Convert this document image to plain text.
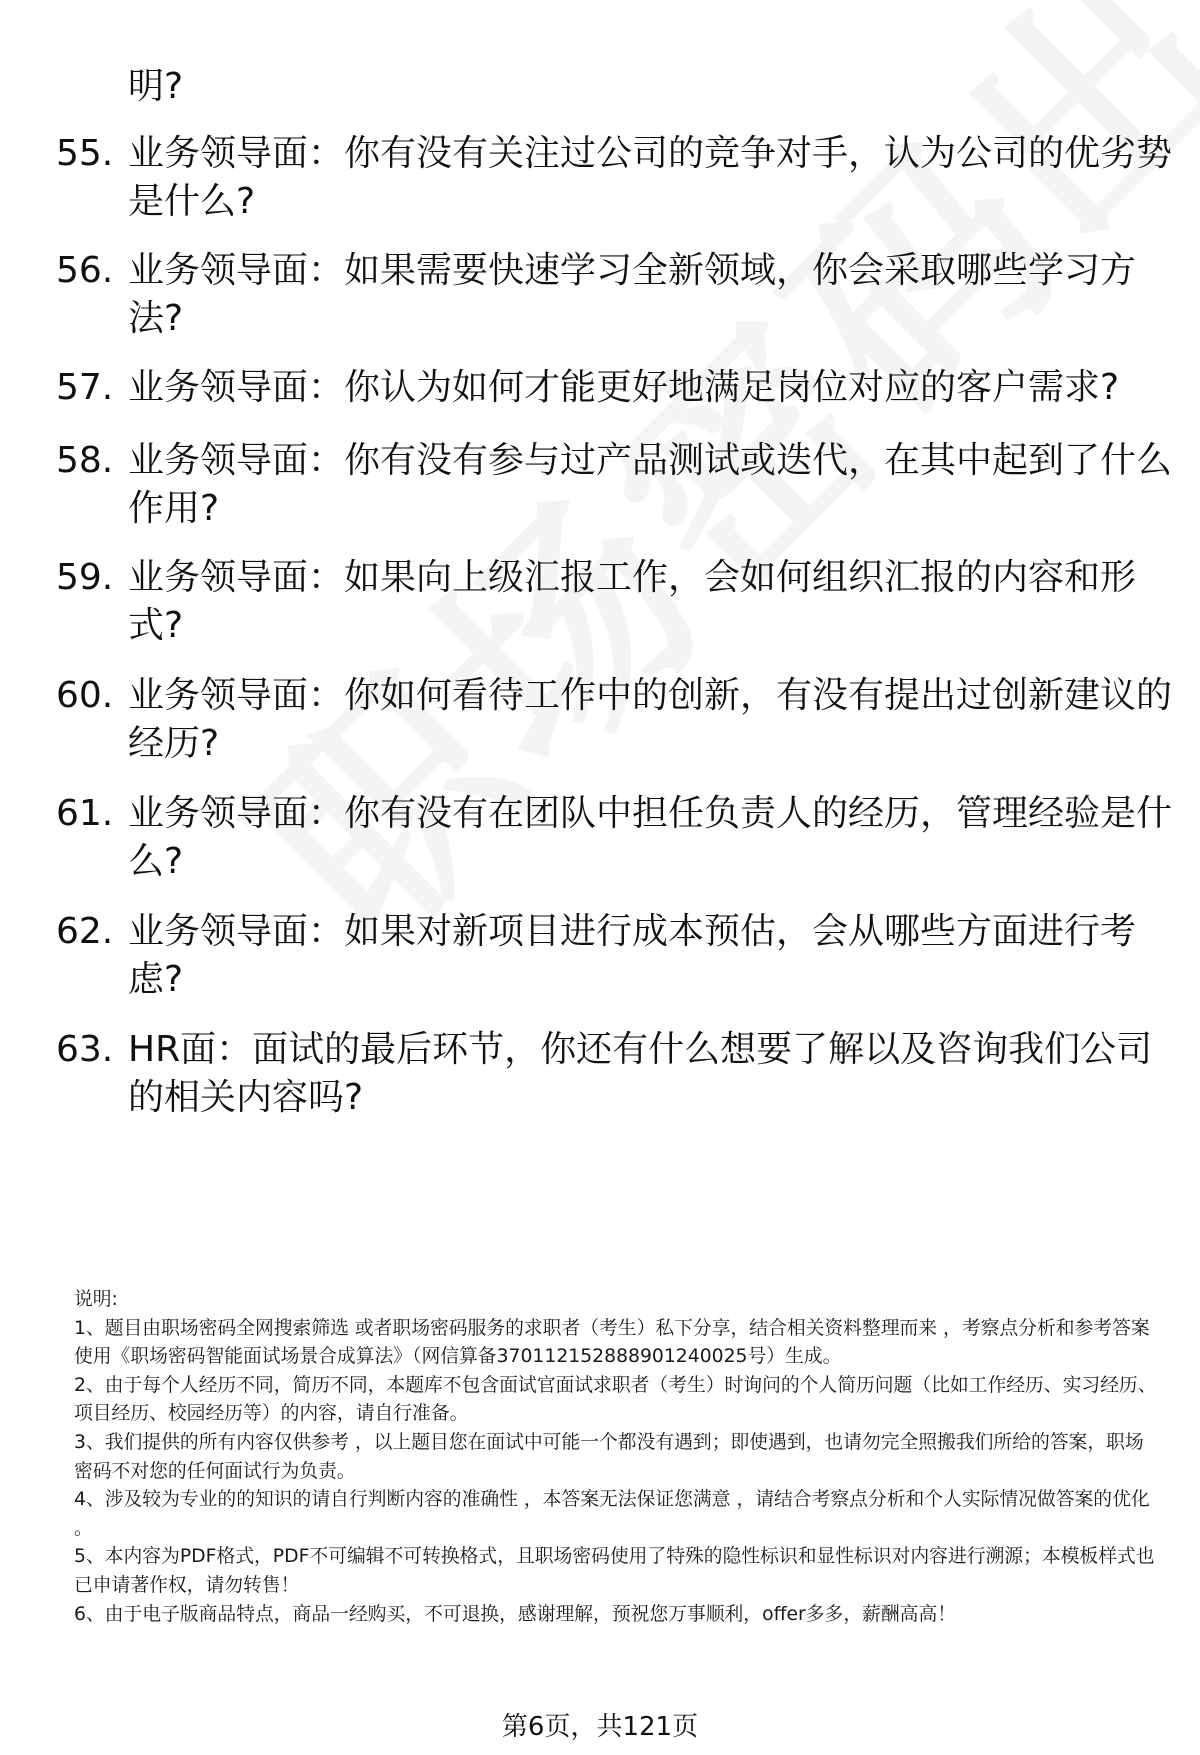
明?
55. 业务领导面：你有没有关注过公司的竞争对手，认为公司的优劣势是什么?
56. 业务领导面：如果需要快速学习全新领域，你会采取哪些学习方法?
57. 业务领导面：你认为如何才能更好地满足岗位对应的客户需求?
58. 业务领导面：你有没有参与过产品测试或迭代，在其中起到了什么作用?
59. 业务领导面：如果向上级汇报工作，会如何组织汇报的内容和形式?
60. 业务领导面：你如何看待工作中的创新，有没有提出过创新建议的经历?
61. 业务领导面：你有没有在团队中担任负责人的经历，管理经验是什么?
62. 业务领导面：如果对新项目进行成本预估，会从哪些方面进行考虑?
63. HR面：面试的最后环节，你还有什么想要了解以及咨询我们公司的相关内容吗?

说明:

1、题目由职场密码全网搜索筛选 或者职场密码服务的求职者（考生）私下分享，结合相关资料整理而来 ，考察点分析和参考答案使用《职场密码智能面试场景合成算法》（网信算备370112152888901240025号）生成。

2、由于每个人经历不同，简历不同，本题库不包含面试官面试求职者（考生）时询问的个人简历问题（比如工作经历、实习经历、项目经历、校园经历等）的内容，请自行准备。

3、我们提供的所有内容仅供参考 ，以上题目您在面试中可能一个都没有遇到；即使遇到，也请勿完全照搬我们所给的答案，职场密码不对您的任何面试行为负责。

4、涉及较为专业的的知识的请自行判断内容的准确性 ，本答案无法保证您满意 ，请结合考察点分析和个人实际情况做答案的优化 。

5、本内容为PDF格式，PDF不可编辑不可转换格式，且职场密码使用了特殊的隐性标识和显性标识对内容进行溯源；本模板样式也已申请著作权，请勿转售！

6、由于电子版商品特点，商品一经购买，不可退换，感谢理解，预祝您万事顺利，offer多多，薪酬高高！

第6页，共121页
